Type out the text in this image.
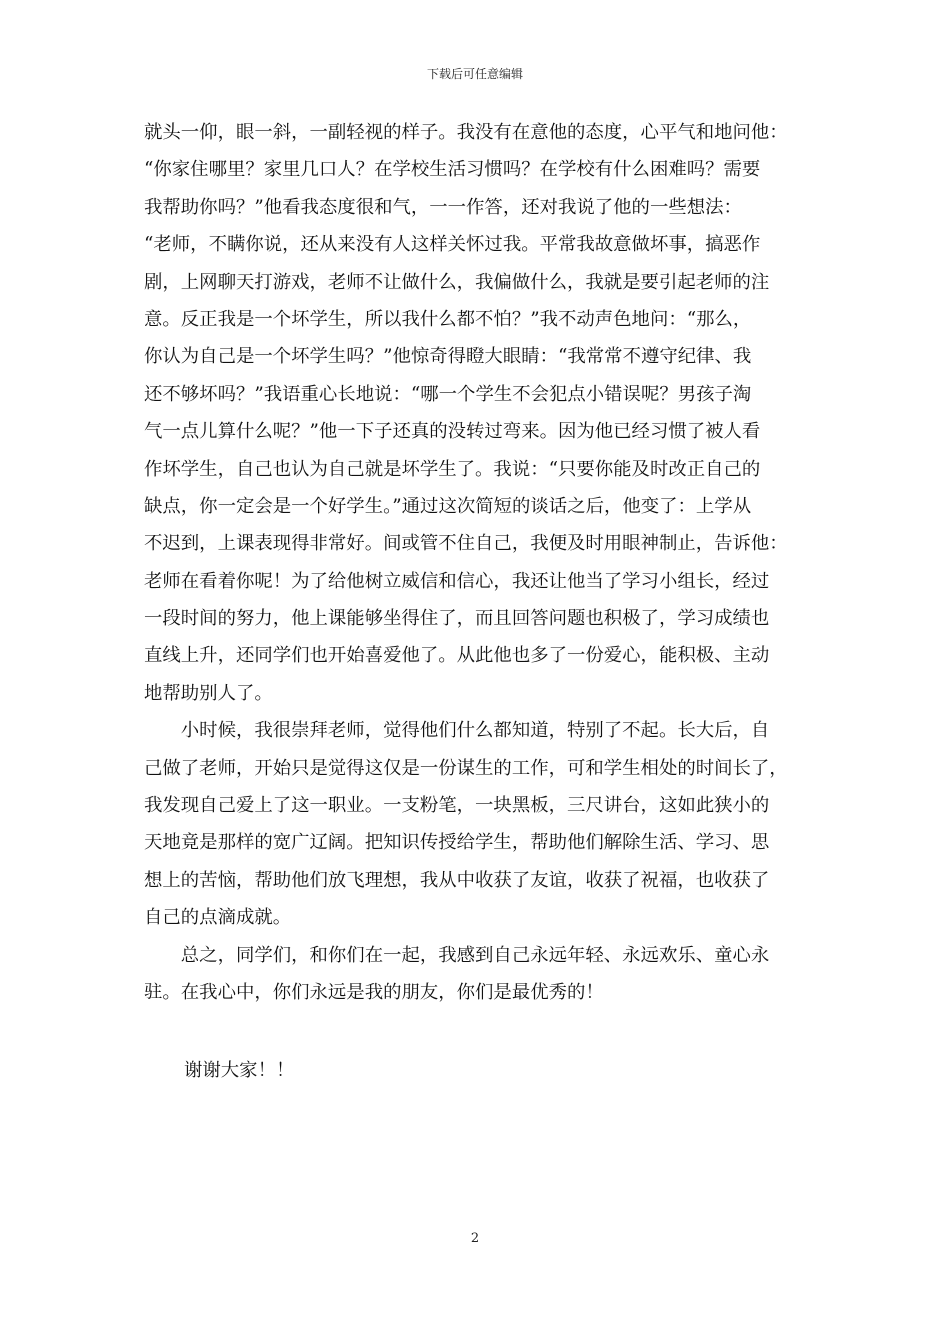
下载后可任意编辑
就头一仰，眼一斜，一副轻视的样子。我没有在意他的态度，心平气和地问他：
“你家住哪里？家里几口人？在学校生活习惯吗？在学校有什么困难吗？需要
我帮助你吗？”他看我态度很和气，一一作答，还对我说了他的一些想法：
“老师，不瞒你说，还从来没有人这样关怀过我。平常我故意做坏事，搞恶作
剧，上网聊天打游戏，老师不让做什么，我偏做什么，我就是要引起老师的注
意。反正我是一个坏学生，所以我什么都不怕？”我不动声色地问：“那么，
你认为自己是一个坏学生吗？”他惊奇得瞪大眼睛：“我常常不遵守纪律、我
还不够坏吗？”我语重心长地说：“哪一个学生不会犯点小错误呢？男孩子淘
气一点儿算什么呢？”他一下子还真的没转过弯来。因为他已经习惯了被人看
作坏学生，自己也认为自己就是坏学生了。我说：“只要你能及时改正自己的
缺点，你一定会是一个好学生。”通过这次简短的谈话之后，他变了：上学从
不迟到，上课表现得非常好。间或管不住自己，我便及时用眼神制止，告诉他：
老师在看着你呢！为了给他树立威信和信心，我还让他当了学习小组长，经过
一段时间的努力，他上课能够坐得住了，而且回答问题也积极了，学习成绩也
直线上升，还同学们也开始喜爱他了。从此他也多了一份爱心，能积极、主动
地帮助别人了。
　　小时候，我很崇拜老师，觉得他们什么都知道，特别了不起。长大后，自
己做了老师，开始只是觉得这仅是一份谋生的工作，可和学生相处的时间长了，
我发现自己爱上了这一职业。一支粉笔，一块黑板，三尺讲台，这如此狭小的
天地竟是那样的宽广辽阔。把知识传授给学生，帮助他们解除生活、学习、思
想上的苦恼，帮助他们放飞理想，我从中收获了友谊，收获了祝福，也收获了
自己的点滴成就。
　　总之，同学们，和你们在一起，我感到自己永远年轻、永远欢乐、童心永
驻。在我心中，你们永远是我的朋友，你们是最优秀的！
谢谢大家！！
2
